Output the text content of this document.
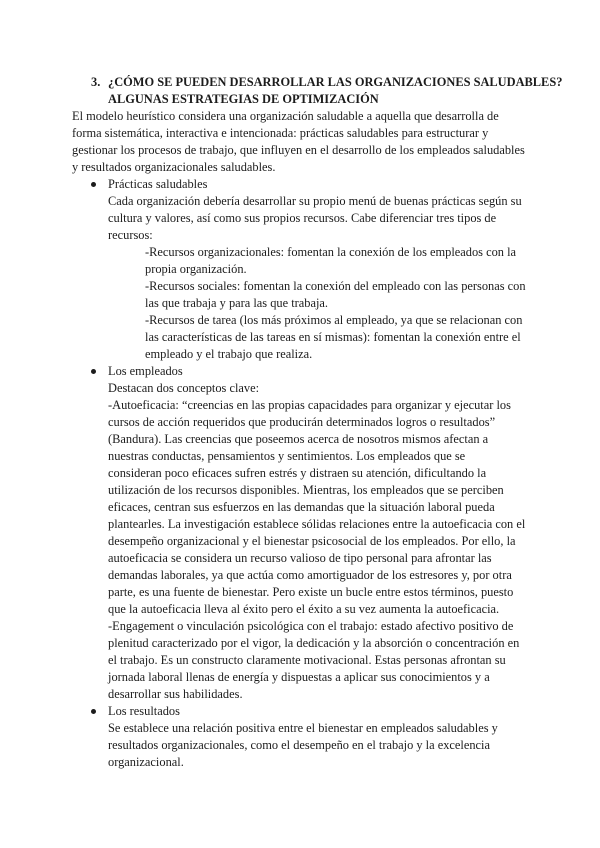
3. ¿CÓMO SE PUEDEN DESARROLLAR LAS ORGANIZACIONES SALUDABLES?
ALGUNAS ESTRATEGIAS DE OPTIMIZACIÓN
El modelo heurístico considera una organización saludable a aquella que desarrolla de
forma sistemática, interactiva e intencionada: prácticas saludables para estructurar y
gestionar los procesos de trabajo, que influyen en el desarrollo de los empleados saludables
y resultados organizacionales saludables.
Prácticas saludables
Cada organización debería desarrollar su propio menú de buenas prácticas según su
cultura y valores, así como sus propios recursos. Cabe diferenciar tres tipos de
recursos:
-Recursos organizacionales: fomentan la conexión de los empleados con la
propia organización.
-Recursos sociales: fomentan la conexión del empleado con las personas con
las que trabaja y para las que trabaja.
-Recursos de tarea (los más próximos al empleado, ya que se relacionan con
las características de las tareas en sí mismas): fomentan la conexión entre el
empleado y el trabajo que realiza.
Los empleados
Destacan dos conceptos clave:
-Autoeficacia: “creencias en las propias capacidades para organizar y ejecutar los
cursos de acción requeridos que producirán determinados logros o resultados”
(Bandura). Las creencias que poseemos acerca de nosotros mismos afectan a
nuestras conductas, pensamientos y sentimientos. Los empleados que se
consideran poco eficaces sufren estrés y distraen su atención, dificultando la
utilización de los recursos disponibles. Mientras, los empleados que se perciben
eficaces, centran sus esfuerzos en las demandas que la situación laboral pueda
plantearles. La investigación establece sólidas relaciones entre la autoeficacia con el
desempeño organizacional y el bienestar psicosocial de los empleados. Por ello, la
autoeficacia se considera un recurso valioso de tipo personal para afrontar las
demandas laborales, ya que actúa como amortiguador de los estresores y, por otra
parte, es una fuente de bienestar. Pero existe un bucle entre estos términos, puesto
que la autoeficacia lleva al éxito pero el éxito a su vez aumenta la autoeficacia.
-Engagement o vinculación psicológica con el trabajo: estado afectivo positivo de
plenitud caracterizado por el vigor, la dedicación y la absorción o concentración en
el trabajo. Es un constructo claramente motivacional. Estas personas afrontan su
jornada laboral llenas de energía y dispuestas a aplicar sus conocimientos y a
desarrollar sus habilidades.
Los resultados
Se establece una relación positiva entre el bienestar en empleados saludables y
resultados organizacionales, como el desempeño en el trabajo y la excelencia
organizacional.
